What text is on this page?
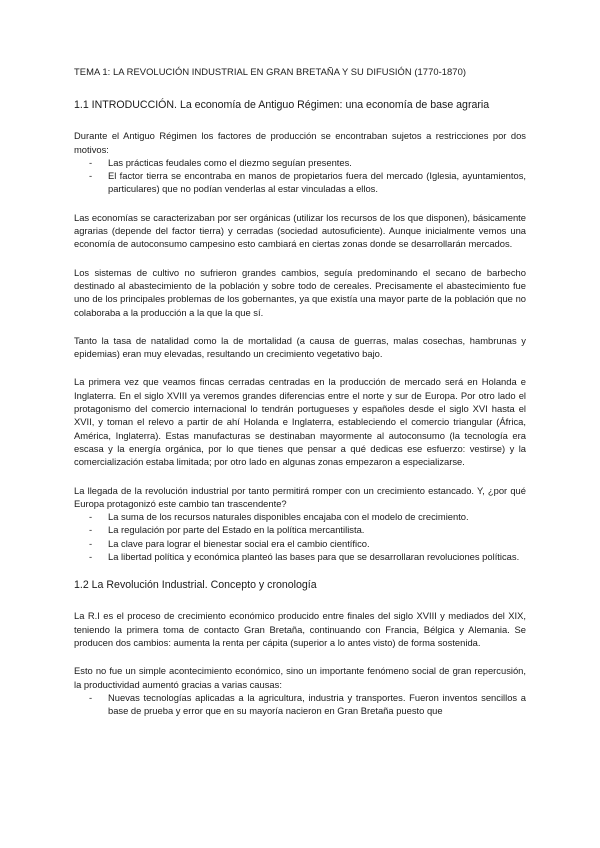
TEMA 1: LA REVOLUCIÓN INDUSTRIAL EN GRAN BRETAÑA Y SU DIFUSIÓN (1770-1870)
1.1 INTRODUCCIÓN. La economía de Antiguo Régimen: una economía de base agraria

Durante el Antiguo Régimen los factores de producción se encontraban sujetos a restricciones por dos motivos:

- Las prácticas feudales como el diezmo seguían presentes.
- El factor tierra se encontraba en manos de propietarios fuera del mercado (Iglesia, ayuntamientos, particulares) que no podían venderlas al estar vinculadas a ellos.

Las economías se caracterizaban por ser orgánicas (utilizar los recursos de los que disponen), básicamente agrarias (depende del factor tierra) y cerradas (sociedad autosuficiente). Aunque inicialmente vemos una economía de autoconsumo campesino esto cambiará en ciertas zonas donde se desarrollarán mercados.

Los sistemas de cultivo no sufrieron grandes cambios, seguía predominando el secano de barbecho destinado al abastecimiento de la población y sobre todo de cereales. Precisamente el abastecimiento fue uno de los principales problemas de los gobernantes, ya que existía una mayor parte de la población que no colaboraba a la producción a la que la que sí.

Tanto la tasa de natalidad como la de mortalidad (a causa de guerras, malas cosechas, hambrunas y epidemias) eran muy elevadas, resultando un crecimiento vegetativo bajo.

La primera vez que veamos fincas cerradas centradas en la producción de mercado será en Holanda e Inglaterra. En el siglo XVIII ya veremos grandes diferencias entre el norte y sur de Europa. Por otro lado el protagonismo del comercio internacional lo tendrán portugueses y españoles desde el siglo XVI hasta el XVII, y toman el relevo a partir de ahí Holanda e Inglaterra, estableciendo el comercio triangular (África, América, Inglaterra). Estas manufacturas se destinaban mayormente al autoconsumo (la tecnología era escasa y la energía orgánica, por lo que tienes que pensar a qué dedicas ese esfuerzo: vestirse) y la comercialización estaba limitada; por otro lado en algunas zonas empezaron a especializarse.

La llegada de la revolución industrial por tanto permitirá romper con un crecimiento estancado. Y, ¿por qué Europa protagonizó este cambio tan trascendente?

- La suma de los recursos naturales disponibles encajaba con el modelo de crecimiento.
- La regulación por parte del Estado en la política mercantilista.
- La clave para lograr el bienestar social era el cambio científico.
- La libertad política y económica planteó las bases para que se desarrollaran revoluciones políticas.
1.2 La Revolución Industrial. Concepto y cronología

La R.I es el proceso de crecimiento económico producido entre finales del siglo XVIII y mediados del XIX, teniendo la primera toma de contacto Gran Bretaña, continuando con Francia, Bélgica y Alemania. Se producen dos cambios: aumenta la renta per cápita (superior a lo antes visto) de forma sostenida.

Esto no fue un simple acontecimiento económico, sino un importante fenómeno social de gran repercusión, la productividad aumentó gracias a varias causas:

- Nuevas tecnologías aplicadas a la agricultura, industria y transportes. Fueron inventos sencillos a base de prueba y error que en su mayoría nacieron en Gran Bretaña puesto que
